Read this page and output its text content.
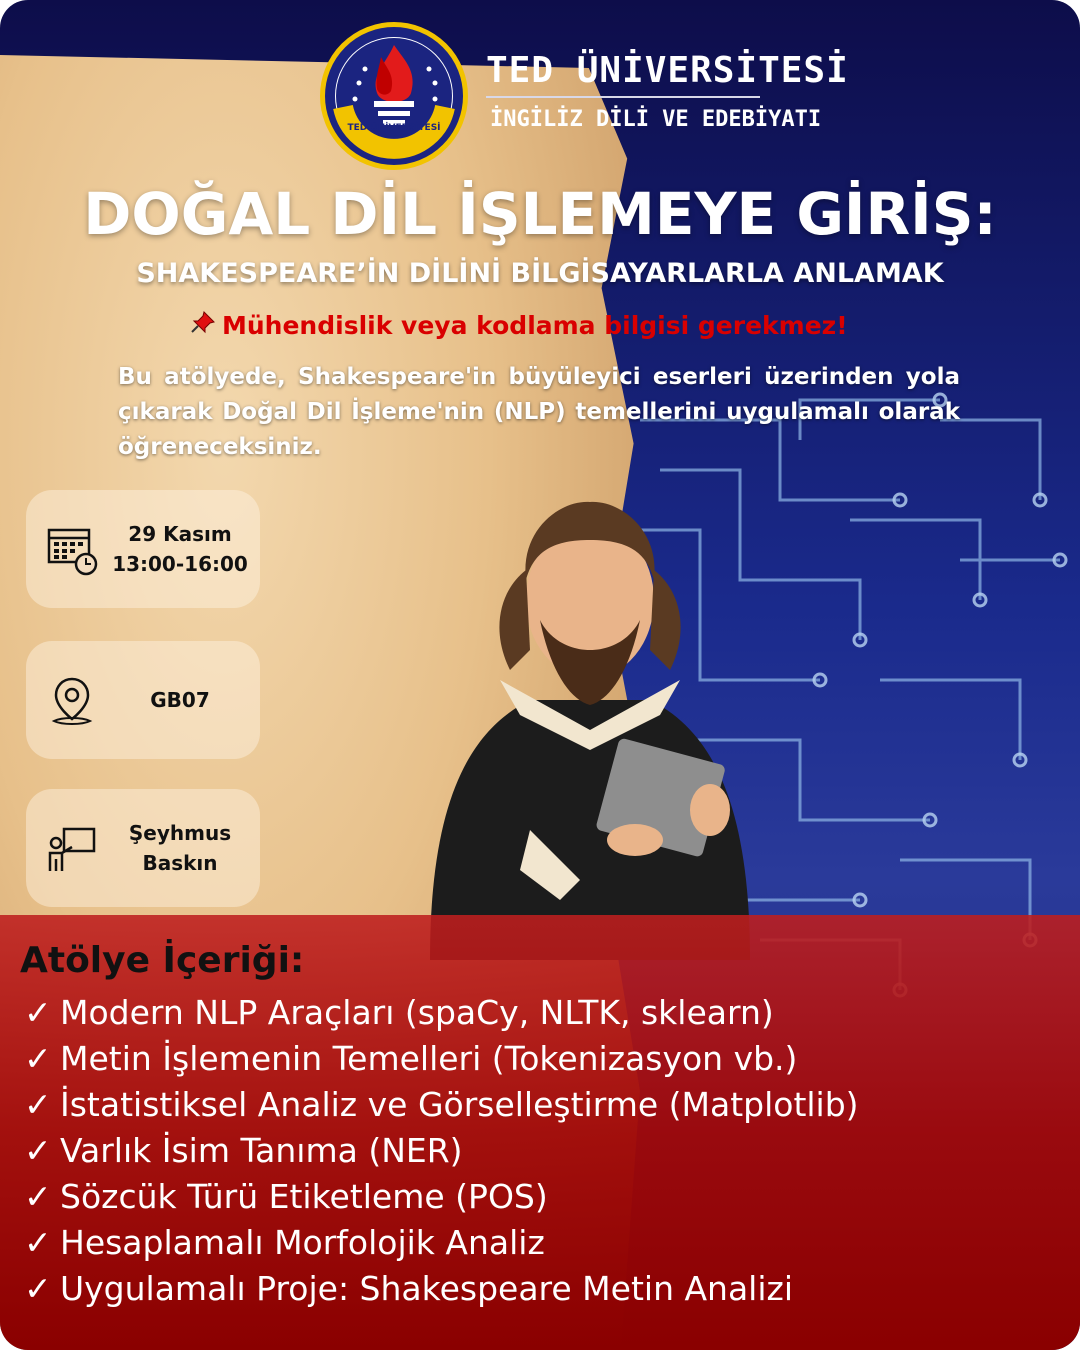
TED ÜNİVERSİTESİ
TED ÜNİVERSİTESİ
İNGİLİZ DİLİ VE EDEBİYATI
DOĞAL DİL İŞLEMEYE GİRİŞ:
SHAKESPEARE’İN DİLİNİ BİLGİSAYARLARLA ANLAMAK
Mühendislik veya kodlama bilgisi gerekmez!
Bu atölyede, Shakespeare'in büyüleyici eserleri üzerinden yola çıkarak Doğal Dil İşleme'nin (NLP) temellerini uygulamalı olarak öğreneceksiniz.
29 Kasım
13:00-16:00
GB07
Şeyhmus
Baskın
Atölye İçeriği:
✓ Modern NLP Araçları (spaCy, NLTK, sklearn)
✓ Metin İşlemenin Temelleri (Tokenizasyon vb.)
✓ İstatistiksel Analiz ve Görselleştirme (Matplotlib)
✓ Varlık İsim Tanıma (NER)
✓ Sözcük Türü Etiketleme (POS)
✓ Hesaplamalı Morfolojik Analiz
✓ Uygulamalı Proje: Shakespeare Metin Analizi
